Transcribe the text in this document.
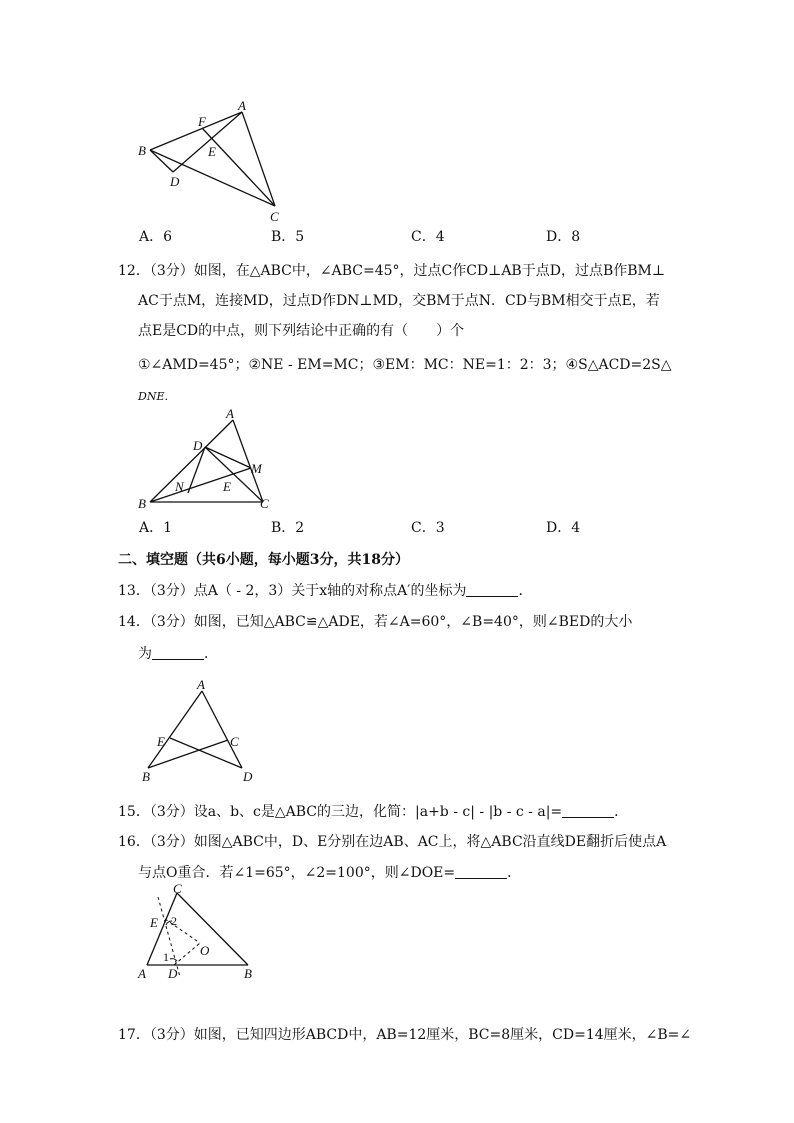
A
B
C
D
E
F
A．6	B．5	C．4	D．8
12．（3分）如图，在△ABC中，∠ABC=45°，过点C作CD⊥AB于点D，过点B作BM⊥
AC于点M，连接MD，过点D作DN⊥MD，交BM于点N．CD与BM相交于点E，若
点E是CD的中点，则下列结论中正确的有（　　）个
①∠AMD=45°；②NE - EM=MC；③EM：MC：NE=1：2：3；④S△ACD=2S△
DNE．
A
D
M
N	E
B	C
A．1	B．2	C．3	D．4
二、填空题（共6小题，每小题3分，共18分）
13．（3分）点A（ - 2，3）关于x轴的对称点A′的坐标为	．
14．（3分）如图，已知△ABC≌△ADE，若∠A=60°，∠B=40°，则∠BED的大小
为	．
A
E	C
B	D
15．（3分）设a、b、c是△ABC的三边，化简：|a+b - c| - |b - c - a|=	．
16．（3分）如图△ABC中，D、E分别在边AB、AC上，将△ABC沿直线DE翻折后使点A
与点O重合．若∠1=65°，∠2=100°，则∠DOE=	．
C
E 2
O
1
A D	B
17．（3分）如图，已知四边形ABCD中，AB=12厘米，BC=8厘米，CD=14厘米，∠B=∠
